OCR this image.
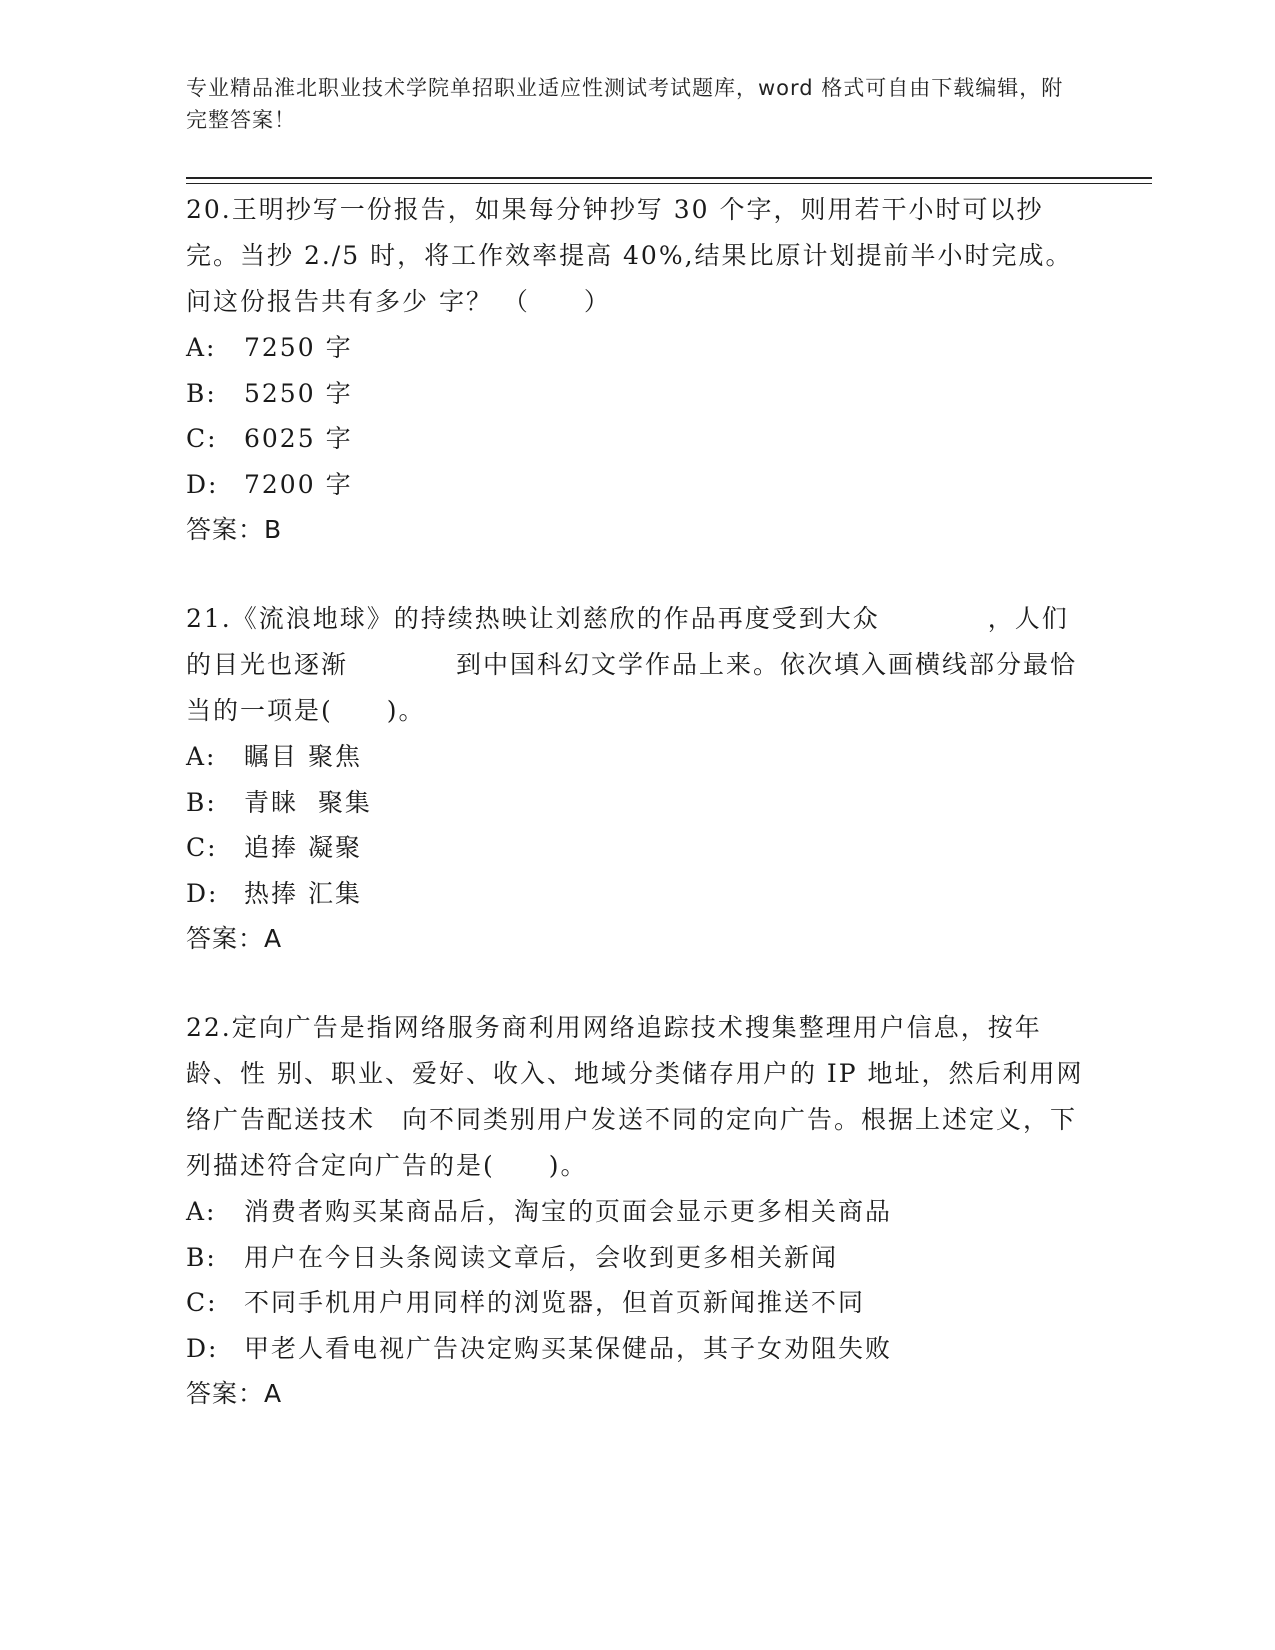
专业精品淮北职业技术学院单招职业适应性测试考试题库，word 格式可自由下载编辑，附完整答案！

20.王明抄写一份报告，如果每分钟抄写 30 个字，则用若干小时可以抄完。当抄 2./5 时，将工作效率提高 40%,结果比原计划提前半小时完成。问这份报告共有多少 字？ （　　）

A:	7250 字
B:	5250 字
C:	6025 字
D:	7200 字

答案：B

21.《流浪地球》的持续热映让刘慈欣的作品再度受到大众　　　　，人们的目光也逐渐　　　　到中国科幻文学作品上来。依次填入画横线部分最恰当的一项是(　　)。

A:	瞩目 聚焦
B:	青睐  聚集
C:	追捧 凝聚
D:	热捧 汇集

答案：A

22.定向广告是指网络服务商利用网络追踪技术搜集整理用户信息，按年龄、性 别、职业、爱好、收入、地域分类储存用户的 IP 地址，然后利用网络广告配送技术　向不同类别用户发送不同的定向广告。根据上述定义，下列描述符合定向广告的是(　　)。

A:	消费者购买某商品后，淘宝的页面会显示更多相关商品
B:	用户在今日头条阅读文章后，会收到更多相关新闻
C:	不同手机用户用同样的浏览器，但首页新闻推送不同
D:	甲老人看电视广告决定购买某保健品，其子女劝阻失败

答案：A
